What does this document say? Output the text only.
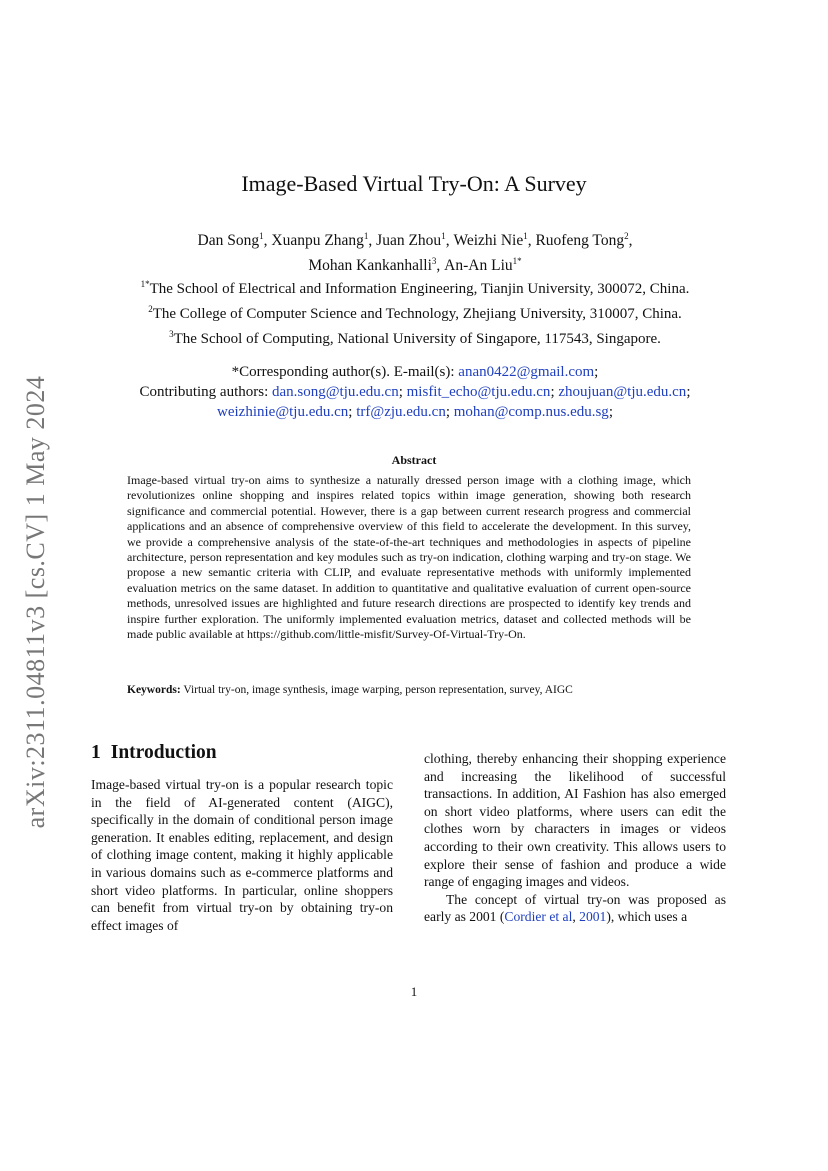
arXiv:2311.04811v3 [cs.CV] 1 May 2024
Image-Based Virtual Try-On: A Survey
Dan Song$^1$, Xuanpu Zhang$^1$, Juan Zhou$^1$, Weizhi Nie$^1$, Ruofeng Tong$^2$,
Mohan Kankanhalli$^3$, An-An Liu$^{1*}$
$^{1*}$The School of Electrical and Information Engineering, Tianjin University, 300072, China.
$^2$The College of Computer Science and Technology, Zhejiang University, 310007, China.
$^3$The School of Computing, National University of Singapore, 117543, Singapore.
*Corresponding author(s). E-mail(s): anan0422@gmail.com;
Contributing authors: dan.song@tju.edu.cn; misfit_echo@tju.edu.cn; zhoujuan@tju.edu.cn;
weizhinie@tju.edu.cn; trf@zju.edu.cn; mohan@comp.nus.edu.sg;
Abstract
Image-based virtual try-on aims to synthesize a naturally dressed person image with a clothing image, which revolutionizes online shopping and inspires related topics within image generation, showing both research significance and commercial potential. However, there is a gap between current research progress and commercial applications and an absence of comprehensive overview of this field to accelerate the development. In this survey, we provide a comprehensive analysis of the state-of-the-art techniques and methodologies in aspects of pipeline architecture, person representation and key modules such as try-on indication, clothing warping and try-on stage. We propose a new semantic criteria with CLIP, and evaluate representative methods with uniformly implemented evaluation metrics on the same dataset. In addition to quantitative and qualitative evaluation of current open-source methods, unresolved issues are highlighted and future research directions are prospected to identify key trends and inspire further exploration. The uniformly implemented evaluation metrics, dataset and collected methods will be made public available at https://github.com/little-misfit/Survey-Of-Virtual-Try-On.
Keywords: Virtual try-on, image synthesis, image warping, person representation, survey, AIGC
1 Introduction

Image-based virtual try-on is a popular research topic in the field of AI-generated content (AIGC), specifically in the domain of conditional person image generation. It enables editing, replacement, and design of clothing image content, making it highly applicable in various domains such as e-commerce platforms and short video platforms. In particular, online shoppers can benefit from virtual try-on by obtaining try-on effect images of

clothing, thereby enhancing their shopping experience and increasing the likelihood of successful transactions. In addition, AI Fashion has also emerged on short video platforms, where users can edit the clothes worn by characters in images or videos according to their own creativity. This allows users to explore their sense of fashion and produce a wide range of engaging images and videos.

The concept of virtual try-on was proposed as early as 2001 (Cordier et al, 2001), which uses a

1
